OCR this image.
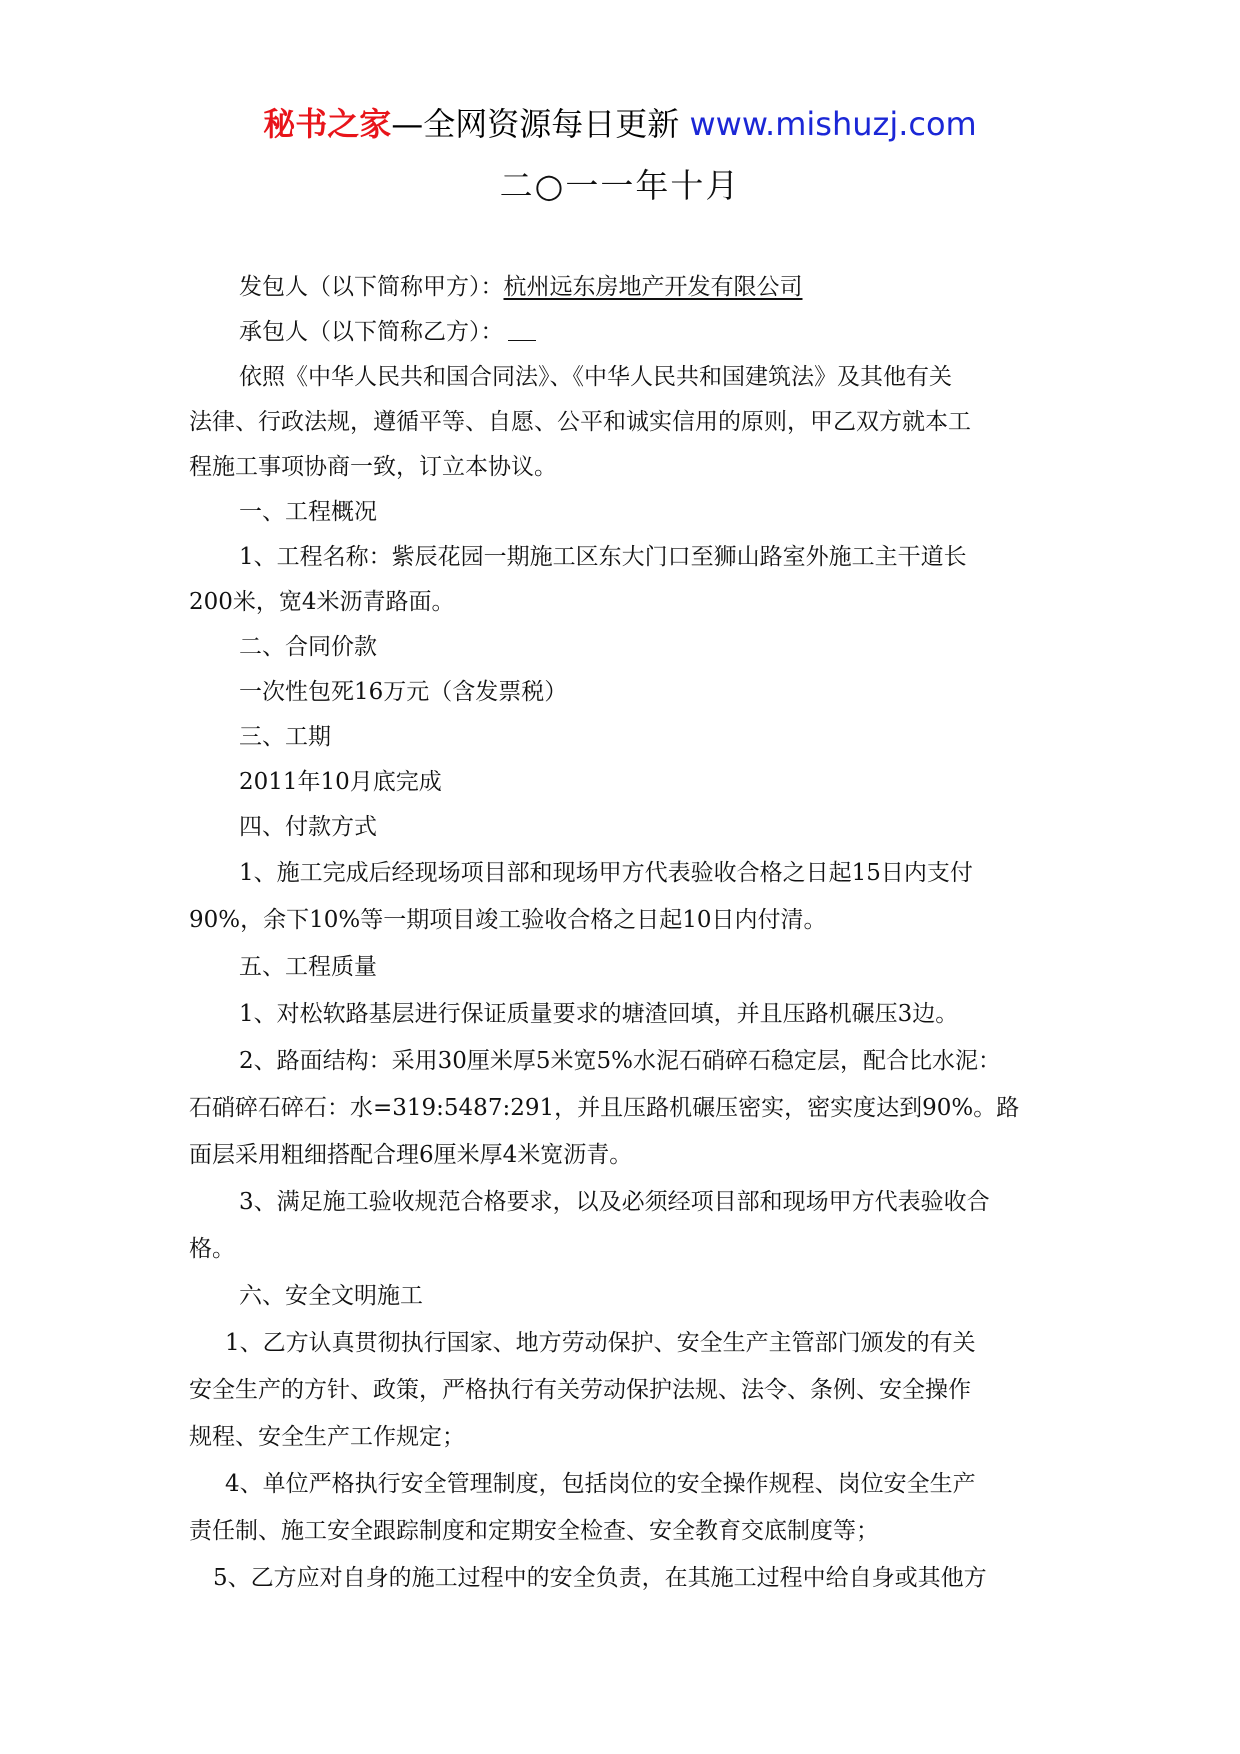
秘书之家—全网资源每日更新 www.mishuzj.com
二○一一年十月

发包人（以下简称甲方）：杭州远东房地产开发有限公司

承包人（以下简称乙方）：

依照《中华人民共和国合同法》、《中华人民共和国建筑法》及其他有关

法律、行政法规，遵循平等、自愿、公平和诚实信用的原则，甲乙双方就本工

程施工事项协商一致，订立本协议。

一、工程概况

1、工程名称：紫辰花园一期施工区东大门口至狮山路室外施工主干道长

200米，宽4米沥青路面。

二、合同价款

一次性包死16万元（含发票税）

三、工期

2011年10月底完成

四、付款方式

1、施工完成后经现场项目部和现场甲方代表验收合格之日起15日内支付

90%，余下10%等一期项目竣工验收合格之日起10日内付清。

五、工程质量

1、对松软路基层进行保证质量要求的塘渣回填，并且压路机碾压3边。

2、路面结构：采用30厘米厚5米宽5%水泥石硝碎石稳定层，配合比水泥：

石硝碎石碎石：水=319:5487:291，并且压路机碾压密实，密实度达到90%。路

面层采用粗细搭配合理6厘米厚4米宽沥青。

3、满足施工验收规范合格要求，以及必须经项目部和现场甲方代表验收合

格。

六、安全文明施工

1、乙方认真贯彻执行国家、地方劳动保护、安全生产主管部门颁发的有关

安全生产的方针、政策，严格执行有关劳动保护法规、法令、条例、安全操作

规程、安全生产工作规定；

4、单位严格执行安全管理制度，包括岗位的安全操作规程、岗位安全生产

责任制、施工安全跟踪制度和定期安全检查、安全教育交底制度等；

5、乙方应对自身的施工过程中的安全负责，在其施工过程中给自身或其他方
